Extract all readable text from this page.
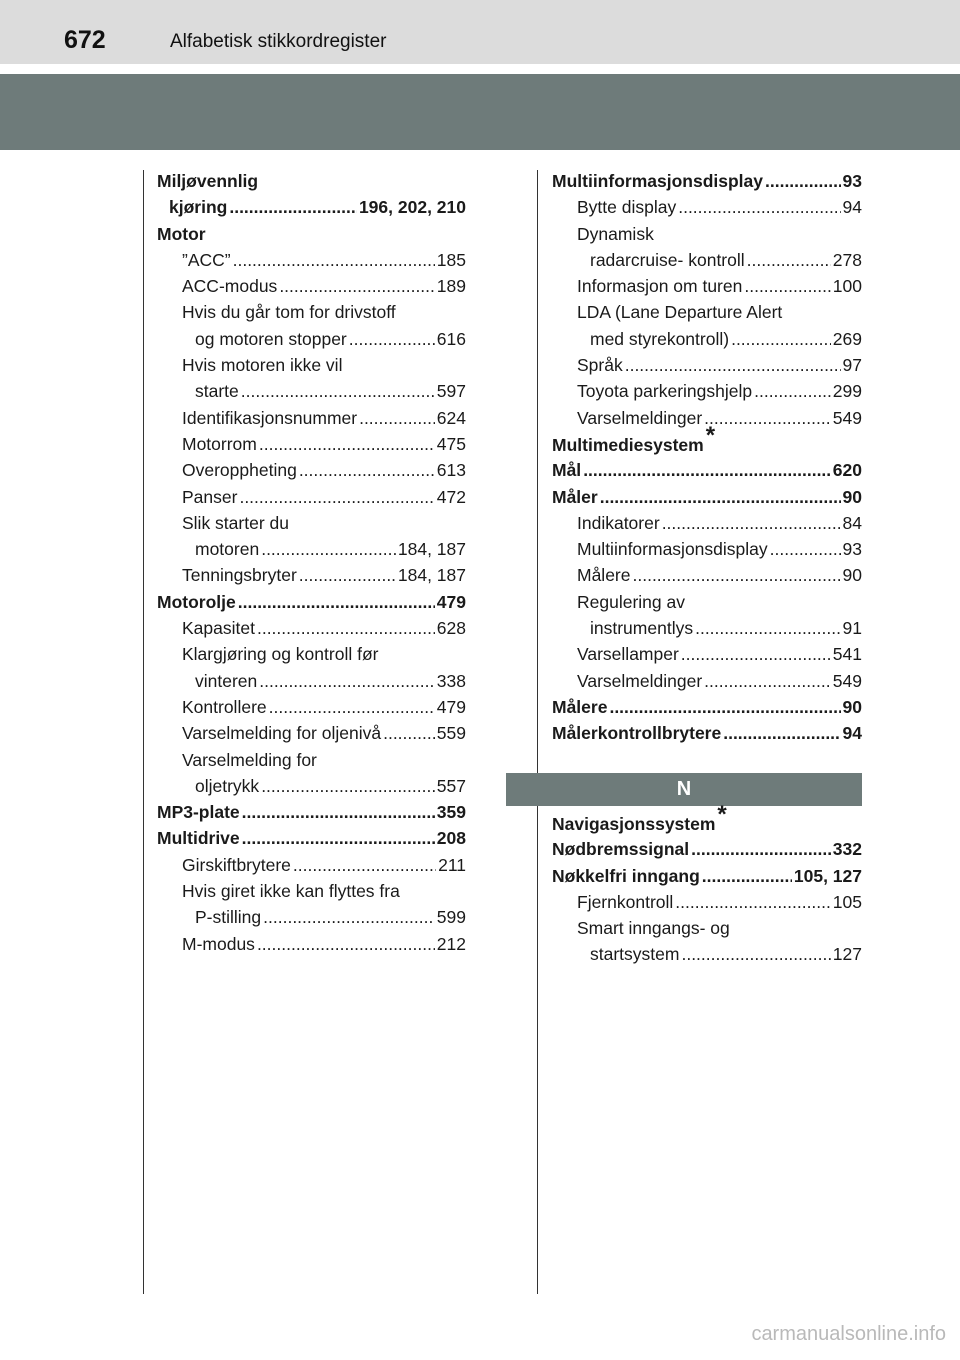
672	Alfabetisk stikkordregister
Miljøvennlig
kjøring .....	196, 202, 210
Motor
”ACC” .....	185
ACC-modus .....	189
Hvis du går tom for drivstoff
og motoren stopper .....	616
Hvis motoren ikke vil
starte .....	597
Identifikasjonsnummer .....	624
Motorrom .....	475
Overoppheting .....	613
Panser .....	472
Slik starter du
motoren .....	184, 187
Tenningsbryter .....	184, 187
Motorolje .....	479
Kapasitet .....	628
Klargjøring og kontroll før
vinteren .....	338
Kontrollere .....	479
Varselmelding for oljenivå .....	559
Varselmelding for
oljetrykk .....	557
MP3-plate .....	359
Multidrive .....	208
Girskiftbrytere .....	211
Hvis giret ikke kan flyttes fra
P-stilling .....	599
M-modus .....	212
Multiinformasjonsdisplay .....	93
Bytte display .....	94
Dynamisk
radarcruise- kontroll .....	278
Informasjon om turen .....	100
LDA (Lane Departure Alert
med styrekontroll) .....	269
Språk .....	97
Toyota parkeringshjelp .....	299
Varselmeldinger .....	549
Multimediesystem*
Mål .....	620
Måler .....	90
Indikatorer .....	84
Multiinformasjonsdisplay .....	93
Målere .....	90
Regulering av
instrumentlys .....	91
Varsellamper .....	541
Varselmeldinger .....	549
Målere .....	90
Målerkontrollbrytere .....	94
N
Navigasjonssystem*
Nødbremssignal .....	332
Nøkkelfri inngang .....	105, 127
Fjernkontroll .....	105
Smart inngangs- og
startsystem .....	127
carmanualsonline.info
